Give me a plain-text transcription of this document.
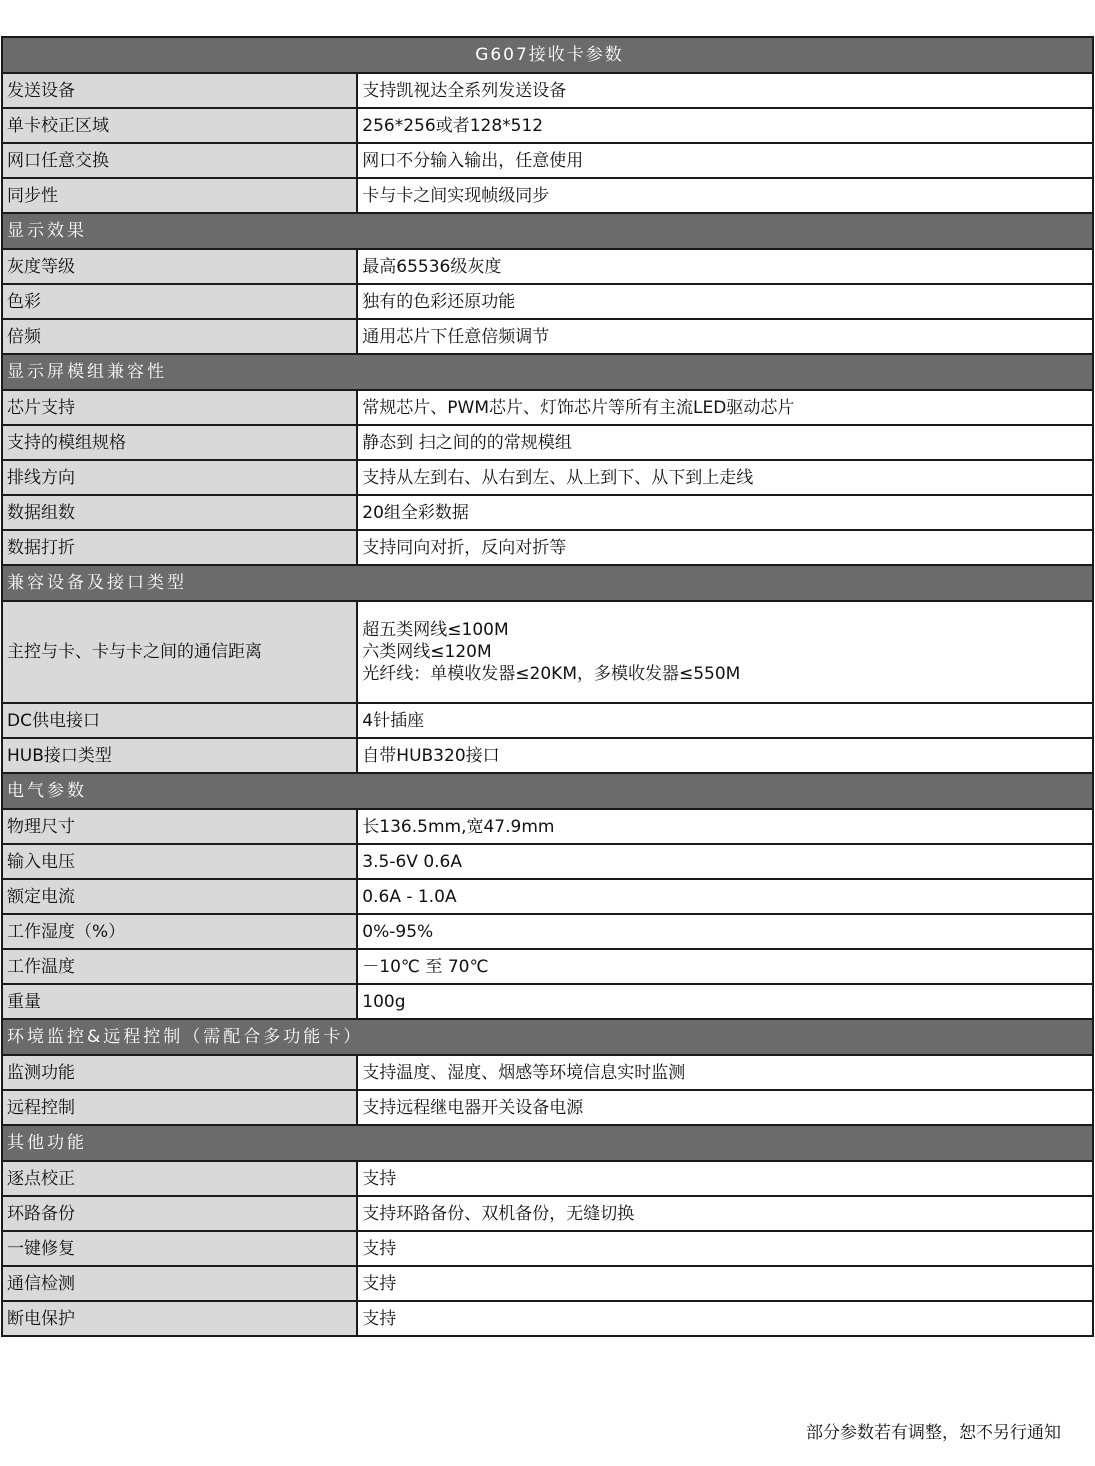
G607接收卡参数	
发送设备	支持凯视达全系列发送设备

单卡校正区域	256*256或者128*512

网口任意交换	网口不分输入输出，任意使用

同步性	卡与卡之间实现帧级同步

显示效果	
灰度等级	最高65536级灰度

色彩	独有的色彩还原功能

倍频	通用芯片下任意倍频调节

显示屏模组兼容性	
芯片支持	常规芯片、PWM芯片、灯饰芯片等所有主流LED驱动芯片

支持的模组规格	静态到 扫之间的的常规模组

排线方向	支持从左到右、从右到左、从上到下、从下到上走线

数据组数	20组全彩数据

数据打折	支持同向对折，反向对折等

兼容设备及接口类型	
主控与卡、卡与卡之间的通信距离	超五类网线≤100M
六类网线≤120M
光纤线：单模收发器≤20KM，多模收发器≤550M

DC供电接口	4针插座

HUB接口类型	自带HUB320接口

电气参数	
物理尺寸	长136.5mm,宽47.9mm

输入电压	3.5-6V 0.6A

额定电流	0.6A - 1.0A

工作湿度（%）	0%-95%

工作温度	－10℃ 至 70℃

重量	100g

环境监控&远程控制（需配合多功能卡）	
监测功能	支持温度、湿度、烟感等环境信息实时监测

远程控制	支持远程继电器开关设备电源

其他功能	
逐点校正	支持

环路备份	支持环路备份、双机备份，无缝切换

一键修复	支持

通信检测	支持

断电保护	支持
部分参数若有调整，恕不另行通知
